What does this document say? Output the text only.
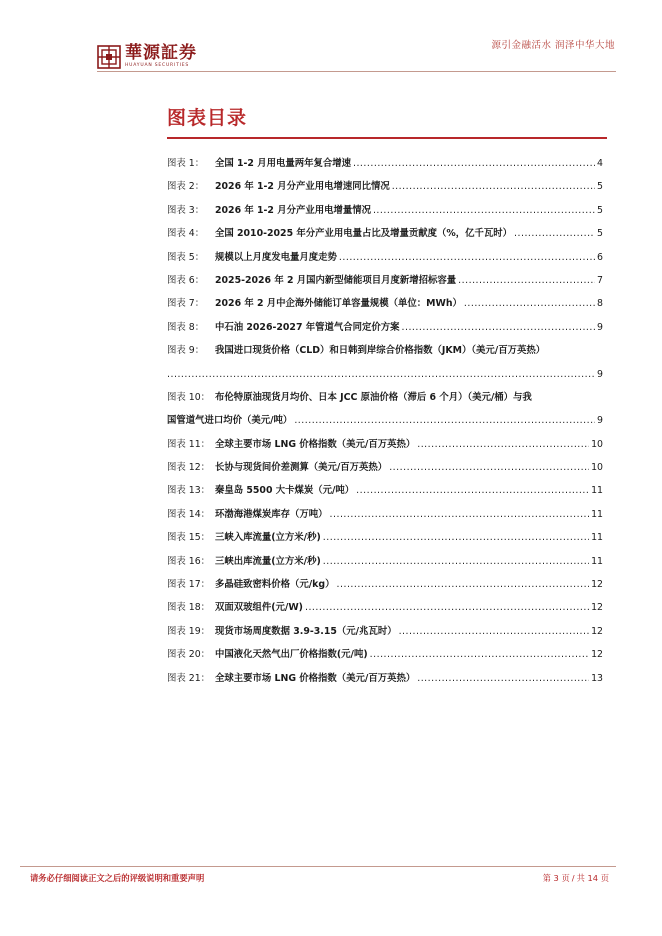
華源証券
HUAYUAN SECURITIES
源引金融活水 润泽中华大地
图表目录
图表 1：	全国 1-2 月用电量两年复合增速 .....	4
图表 2：	2026 年 1-2 月分产业用电增速同比情况 .....	5
图表 3：	2026 年 1-2 月分产业用电增量情况 .....	5
图表 4：	全国 2010-2025 年分产业用电量占比及增量贡献度（%，亿千瓦时） .....	5
图表 5：	规模以上月度发电量月度走势 .....	6
图表 6：	2025-2026 年 2 月国内新型储能项目月度新增招标容量 .....	7
图表 7：	2026 年 2 月中企海外储能订单容量规模（单位：MWh） .....	8
图表 8：	中石油 2026-2027 年管道气合同定价方案 .....	9
图表 9：	我国进口现货价格（CLD）和日韩到岸综合价格指数（JKM）（美元/百万英热）
.....
9
图表 10： 布伦特原油现货月均价、日本 JCC 原油价格（滞后 6 个月）（美元/桶）与我
国管道气进口均价（美元/吨） .....	9
图表 11： 全球主要市场 LNG 价格指数（美元/百万英热） .....	10
图表 12： 长协与现货间价差测算（美元/百万英热） .....	10
图表 13： 秦皇岛 5500 大卡煤炭（元/吨） .....	11
图表 14： 环渤海港煤炭库存（万吨） .....	11
图表 15： 三峡入库流量(立方米/秒) .....	11
图表 16： 三峡出库流量(立方米/秒) .....	11
图表 17： 多晶硅致密料价格（元/kg） .....	12
图表 18： 双面双玻组件(元/W) .....	12
图表 19： 现货市场周度数据 3.9-3.15（元/兆瓦时） .....	12
图表 20： 中国液化天然气出厂价格指数(元/吨) .....	12
图表 21： 全球主要市场 LNG 价格指数（美元/百万英热） .....	13
请务必仔细阅读正文之后的评级说明和重要声明	第 3 页 / 共 14 页
